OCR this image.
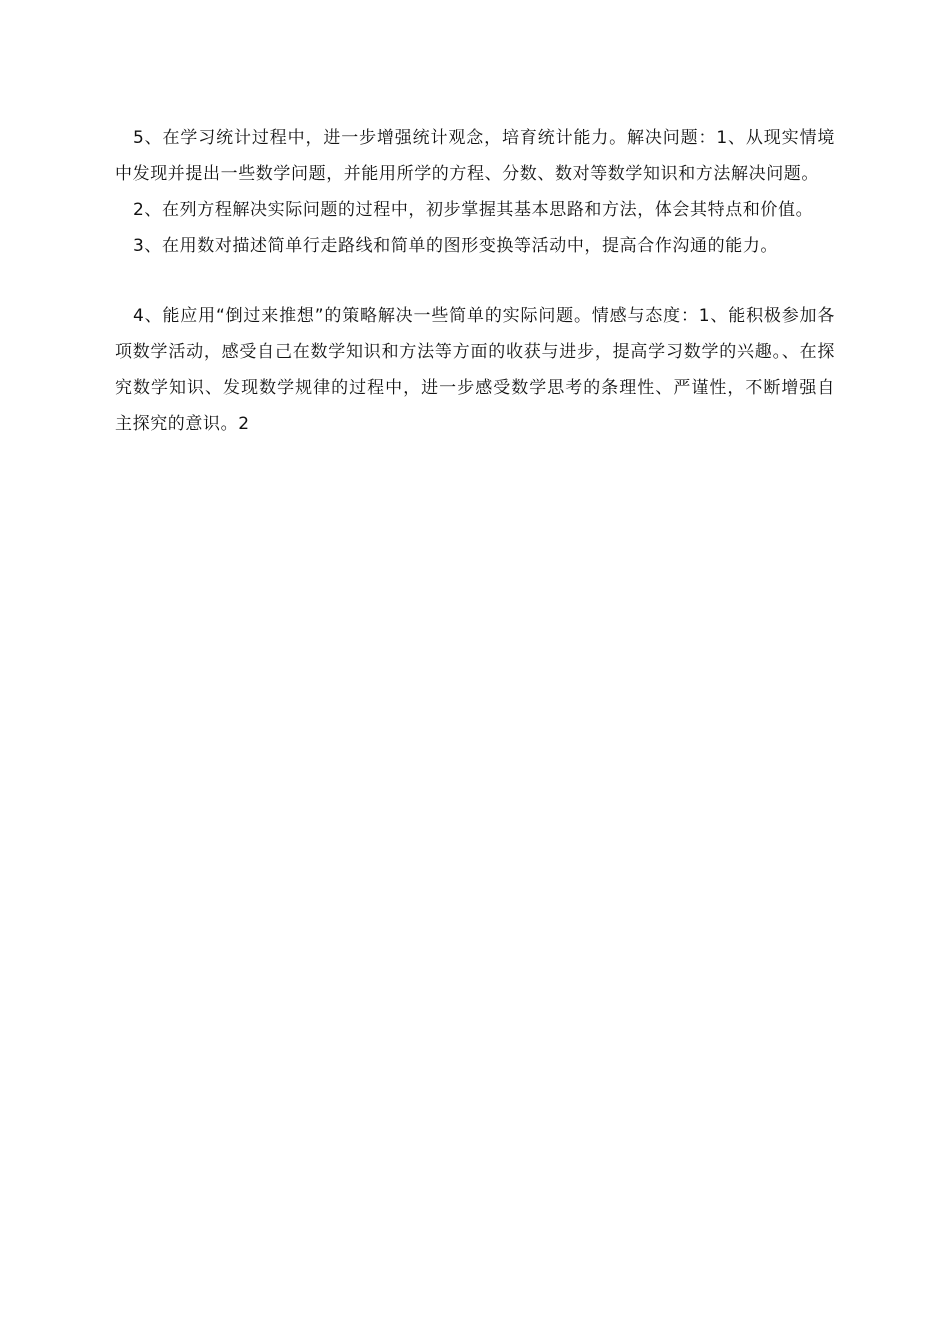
5、在学习统计过程中，进一步增强统计观念，培育统计能力。解决问题：1、从现实情境中发现并提出一些数学问题，并能用所学的方程、分数、数对等数学知识和方法解决问题。

2、在列方程解决实际问题的过程中，初步掌握其基本思路和方法，体会其特点和价值。

3、在用数对描述简单行走路线和简单的图形变换等活动中，提高合作沟通的能力。

4、能应用“倒过来推想”的策略解决一些简单的实际问题。情感与态度：1、能积极参加各项数学活动，感受自己在数学知识和方法等方面的收获与进步，提高学习数学的兴趣。、在探究数学知识、发现数学规律的过程中，进一步感受数学思考的条理性、严谨性，不断增强自主探究的意识。2
